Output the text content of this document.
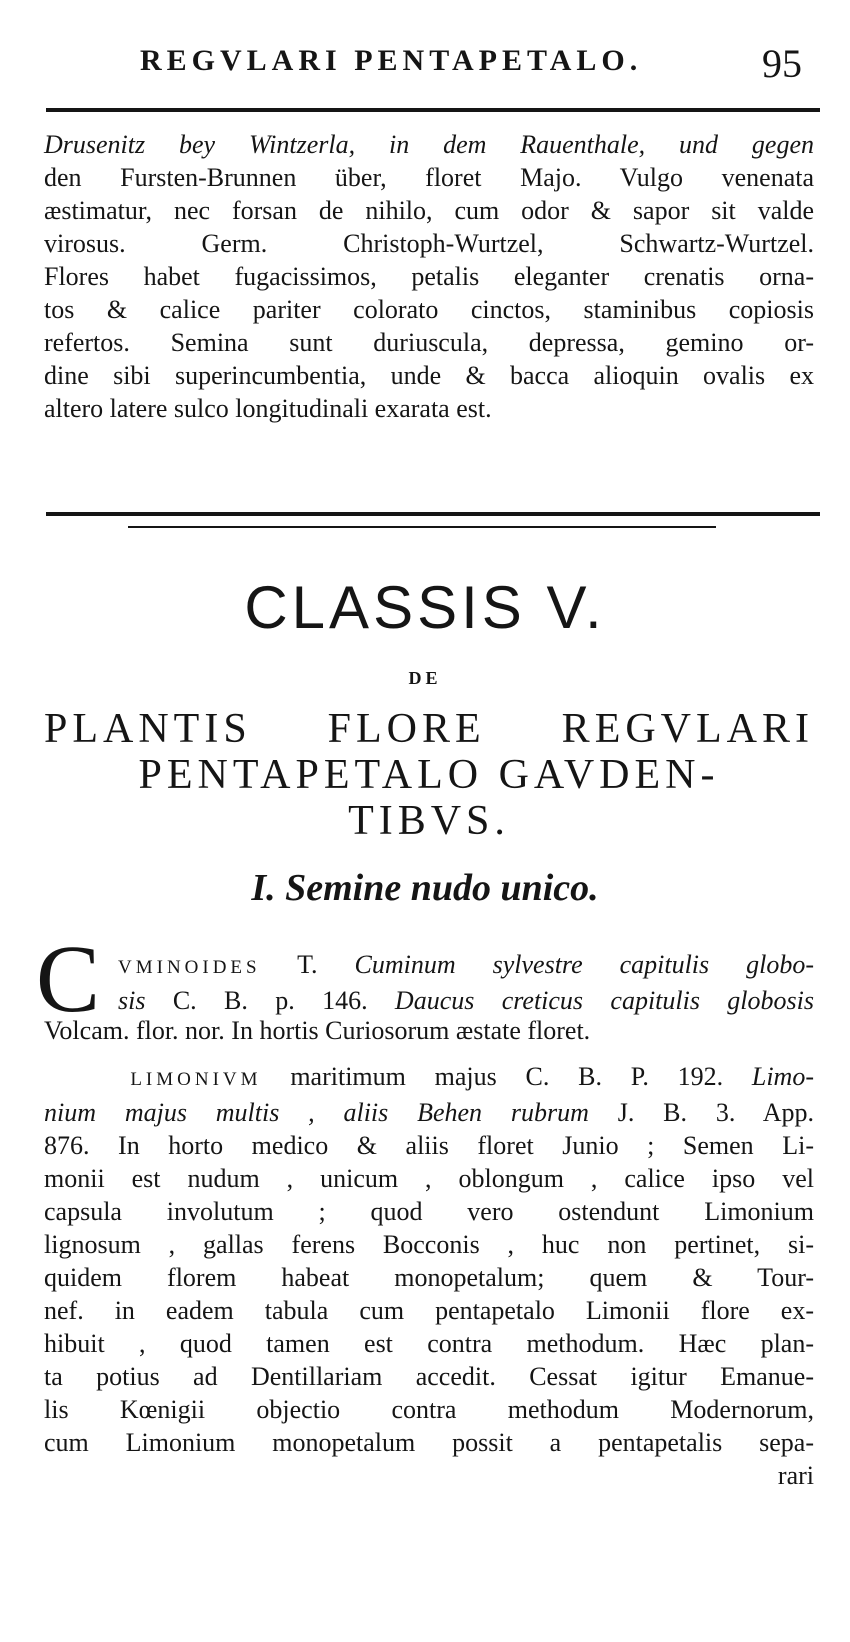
REGVLARI PENTAPETALO.	95
Drusenitz bey Wintzerla, in dem Rauenthale, und gegen
den Fursten-Brunnen über, floret Majo. Vulgo venenata
æstimatur, nec forsan de nihilo, cum odor & sapor sit valde
virosus. Germ. Christoph-Wurtzel, Schwartz-Wurtzel.
Flores habet fugacissimos, petalis eleganter crenatis orna-
tos & calice pariter colorato cinctos, staminibus copiosis
refertos. Semina sunt duriuscula, depressa, gemino or-
dine sibi superincumbentia, unde & bacca alioquin ovalis ex
altero latere sulco longitudinali exarata est.
CLASSIS V.
DE
PLANTIS FLORE REGVLARI
PENTAPETALO GAVDEN-
TIBVS.
I. Semine nudo unico.
C VMINOIDES T. Cuminum sylvestre capitulis globo-
sis C. B. p. 146. Daucus creticus capitulis globosis
Volcam. flor. nor. In hortis Curiosorum æstate floret.
LIMONIVM maritimum majus C. B. P. 192. Limo-
nium majus multis , aliis Behen rubrum J. B. 3. App.
876. In horto medico & aliis floret Junio ; Semen Li-
monii est nudum , unicum , oblongum , calice ipso vel
capsula involutum ; quod vero ostendunt Limonium
lignosum , gallas ferens Bocconis , huc non pertinet, si-
quidem florem habeat monopetalum; quem & Tour-
nef. in eadem tabula cum pentapetalo Limonii flore ex-
hibuit , quod tamen est contra methodum. Hæc plan-
ta potius ad Dentillariam accedit. Cessat igitur Emanue-
lis Kœnigii objectio contra methodum Modernorum,
cum Limonium monopetalum possit a pentapetalis sepa-
rari
